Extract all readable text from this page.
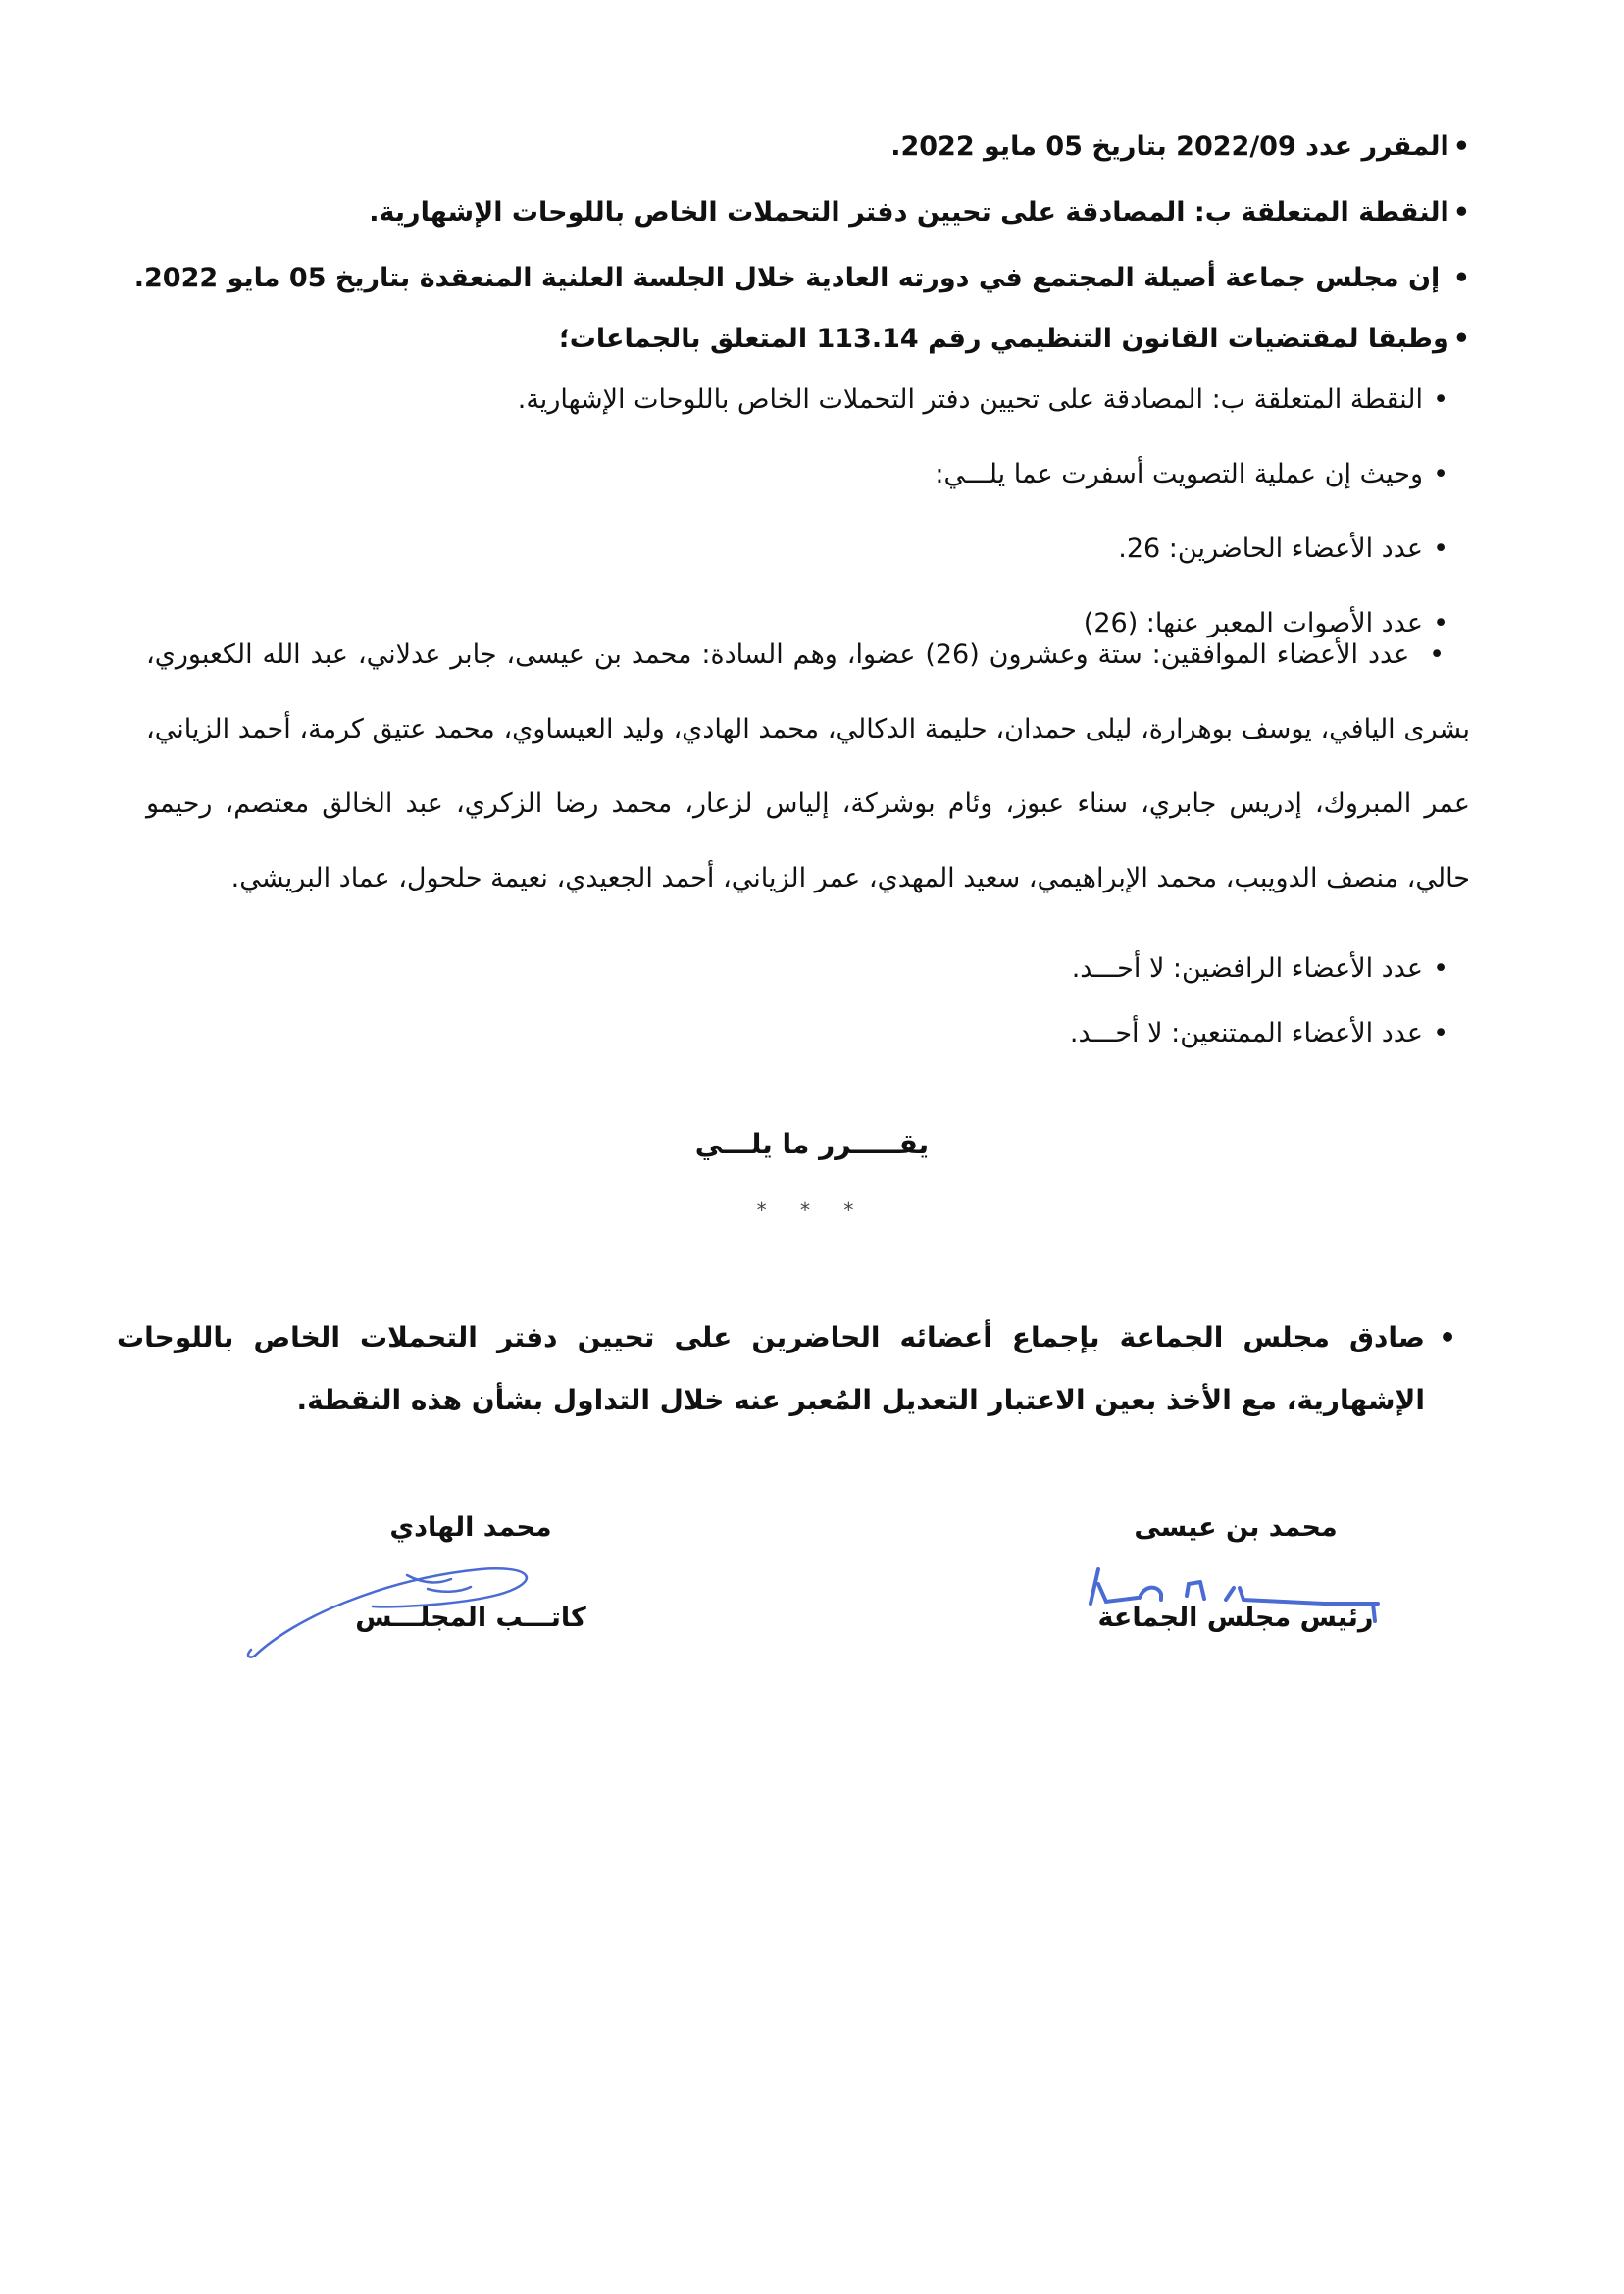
•المقرر عدد 2022/09 بتاريخ 05 مايو 2022.
•النقطة المتعلقة ب: المصادقة على تحيين دفتر التحملات الخاص باللوحات الإشهارية.
• إن مجلس جماعة أصيلة المجتمع في دورته العادية خلال الجلسة العلنية المنعقدة بتاريخ 05 مايو 2022.
•وطبقا لمقتضيات القانون التنظيمي رقم 113.14 المتعلق بالجماعات؛
•
النقطة المتعلقة ب: المصادقة على تحيين دفتر التحملات الخاص باللوحات الإشهارية.
•
وحيث إن عملية التصويت أسفرت عما يلـــي:
•
عدد الأعضاء الحاضرين: 26.
•
عدد الأصوات المعبر عنها: (26)
•  عدد الأعضاء الموافقين: ستة وعشرون (26) عضوا، وهم السادة: محمد بن عيسى، جابر عدلاني، عبد الله الكعبوري، بشرى اليافي، يوسف بوهرارة، ليلى حمدان، حليمة الدكالي، محمد الهادي، وليد العيساوي، محمد عتيق كرمة، أحمد الزياني، عمر المبروك، إدريس جابري، سناء عبوز، وئام بوشركة، إلياس لزعار، محمد رضا الزكري، عبد الخالق معتصم، رحيمو حالي، منصف الدويبب، محمد الإبراهيمي، سعيد المهدي، عمر الزياني، أحمد الجعيدي، نعيمة حلحول، عماد البريشي.
•
عدد الأعضاء الرافضين: لا أحـــد.
•
عدد الأعضاء الممتنعين: لا أحـــد.
يقـــــرر ما يلـــي
* * *
•
صادق مجلس الجماعة بإجماع أعضائه الحاضرين على تحيين دفتر التحملات الخاص باللوحات الإشهارية، مع الأخذ بعين الاعتبار التعديل المُعبر عنه خلال التداول بشأن هذه النقطة.
محمد بن عيسى
رئيس مجلس الجماعة
محمد الهادي
كاتـــب المجلـــس
